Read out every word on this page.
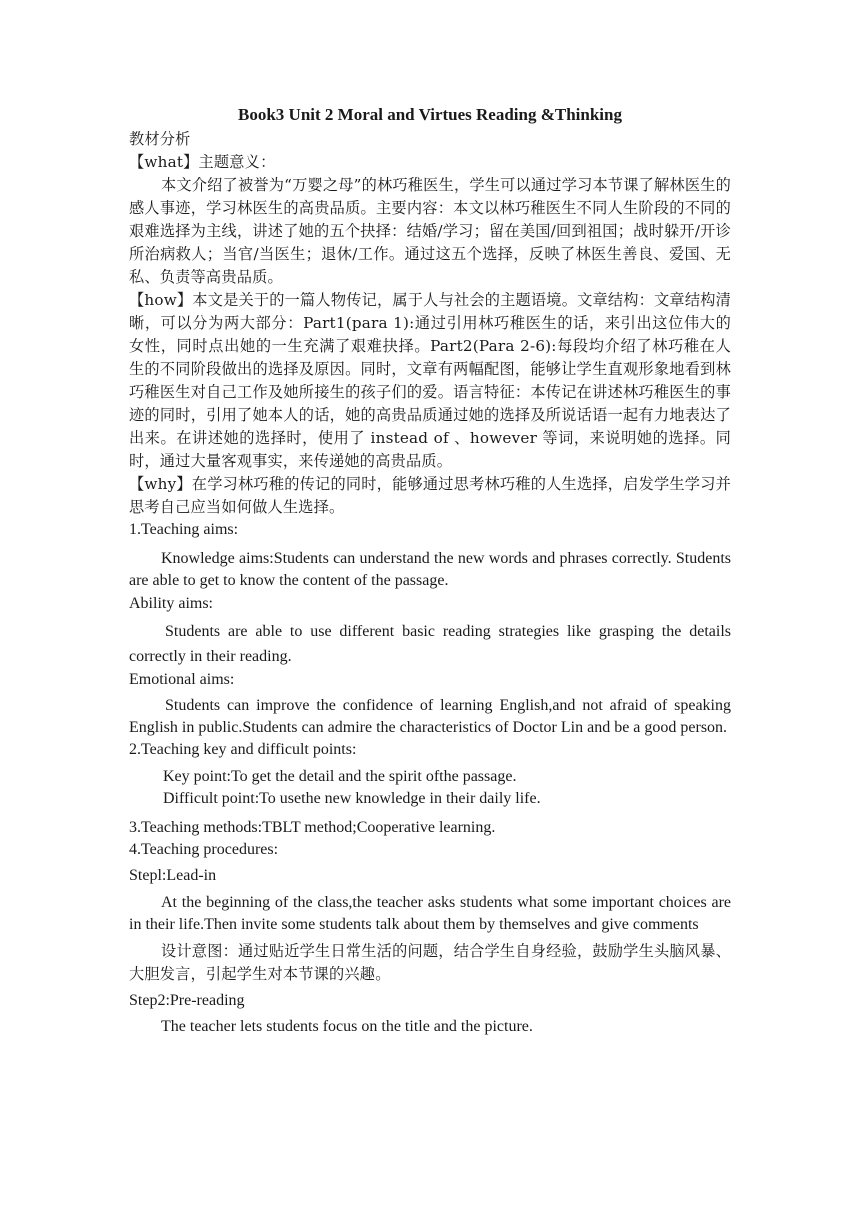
Book3 Unit 2 Moral and Virtues Reading &Thinking

教材分析

【what】主题意义：

本文介绍了被誉为“万婴之母”的林巧稚医生，学生可以通过学习本节课了解林医生的感人事迹，学习林医生的高贵品质。主要内容：本文以林巧稚医生不同人生阶段的不同的艰难选择为主线，讲述了她的五个抉择：结婚/学习；留在美国/回到祖国；战时躲开/开诊所治病救人；当官/当医生；退休/工作。通过这五个选择，反映了林医生善良、爱国、无私、负责等高贵品质。

【how】本文是关于的一篇人物传记，属于人与社会的主题语境。文章结构：文章结构清晰，可以分为两大部分：Part1(para 1):通过引用林巧稚医生的话，来引出这位伟大的女性，同时点出她的一生充满了艰难抉择。Part2(Para 2-6):每段均介绍了林巧稚在人生的不同阶段做出的选择及原因。同时，文章有两幅配图，能够让学生直观形象地看到林巧稚医生对自己工作及她所接生的孩子们的爱。语言特征：本传记在讲述林巧稚医生的事迹的同时，引用了她本人的话，她的高贵品质通过她的选择及所说话语一起有力地表达了出来。在讲述她的选择时，使用了 instead of 、however 等词，来说明她的选择。同时，通过大量客观事实，来传递她的高贵品质。

【why】在学习林巧稚的传记的同时，能够通过思考林巧稚的人生选择，启发学生学习并思考自己应当如何做人生选择。

1.Teaching aims:

Knowledge aims:Students can understand the new words and phrases correctly. Students are able to get to know the content of the passage.

Ability aims:

Students are able to use different basic reading strategies like grasping the details correctly in their reading.

Emotional aims:

Students can improve the confidence of learning English,and not afraid of speaking English in public.Students can admire the characteristics of Doctor Lin and be a good person.

2.Teaching key and difficult points:

Key point:To get the detail and the spirit ofthe passage.

Difficult point:To usethe new knowledge in their daily life.

3.Teaching methods:TBLT method;Cooperative learning.

4.Teaching procedures:

Stepl:Lead-in

At the beginning of the class,the teacher asks students what some important choices are in their life.Then invite some students talk about them by themselves and give comments

设计意图：通过贴近学生日常生活的问题，结合学生自身经验，鼓励学生头脑风暴、大胆发言，引起学生对本节课的兴趣。

Step2:Pre-reading

The teacher lets students focus on the title and the picture.
